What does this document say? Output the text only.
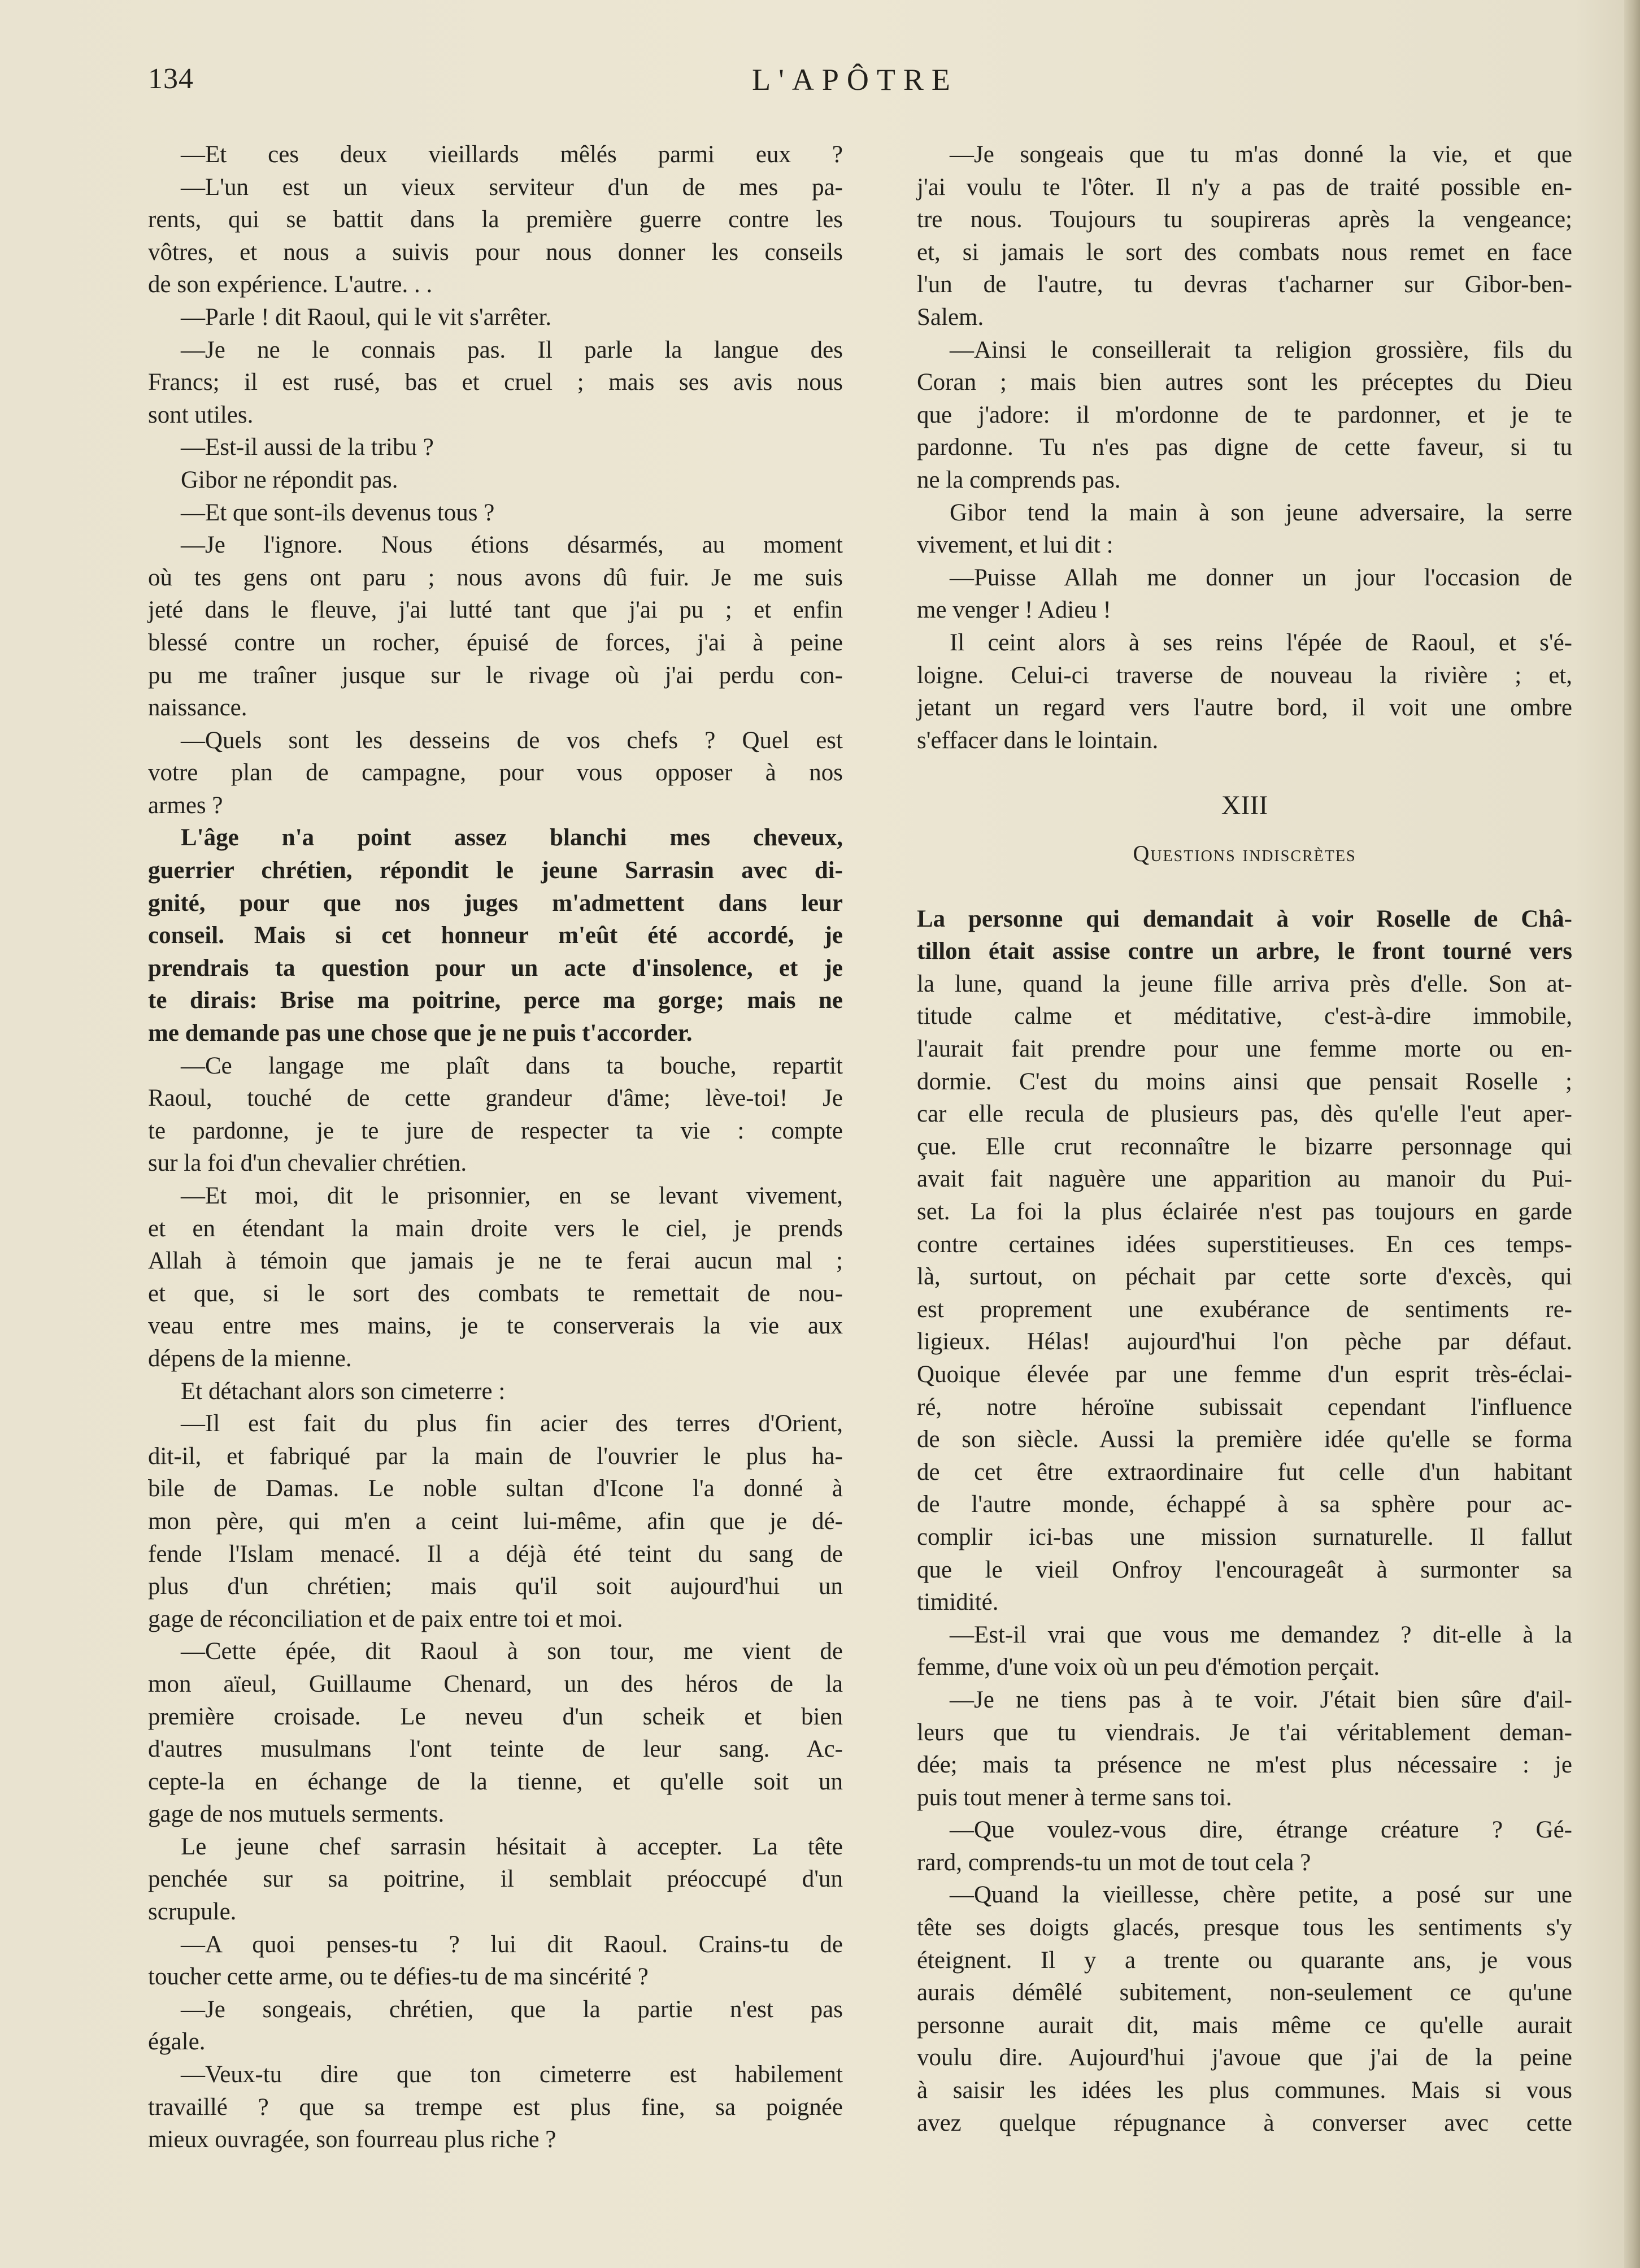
134	L'APÔTRE
—Et ces deux vieillards mêlés parmi eux ?
—L'un est un vieux serviteur d'un de mes pa-
rents, qui se battit dans la première guerre contre les
vôtres, et nous a suivis pour nous donner les conseils
de son expérience. L'autre. . .
—Parle ! dit Raoul, qui le vit s'arrêter.
—Je ne le connais pas. Il parle la langue des
Francs; il est rusé, bas et cruel ; mais ses avis nous
sont utiles.
—Est-il aussi de la tribu ?
Gibor ne répondit pas.
—Et que sont-ils devenus tous ?
—Je l'ignore. Nous étions désarmés, au moment
où tes gens ont paru ; nous avons dû fuir. Je me suis
jeté dans le fleuve, j'ai lutté tant que j'ai pu ; et enfin
blessé contre un rocher, épuisé de forces, j'ai à peine
pu me traîner jusque sur le rivage où j'ai perdu con-
naissance.
—Quels sont les desseins de vos chefs ? Quel est
votre plan de campagne, pour vous opposer à nos
armes ?
L'âge n'a point assez blanchi mes cheveux,
guerrier chrétien, répondit le jeune Sarrasin avec di-
gnité, pour que nos juges m'admettent dans leur
conseil. Mais si cet honneur m'eût été accordé, je
prendrais ta question pour un acte d'insolence, et je
te dirais: Brise ma poitrine, perce ma gorge; mais ne
me demande pas une chose que je ne puis t'accorder.
—Ce langage me plaît dans ta bouche, repartit
Raoul, touché de cette grandeur d'âme; lève-toi! Je
te pardonne, je te jure de respecter ta vie : compte
sur la foi d'un chevalier chrétien.
—Et moi, dit le prisonnier, en se levant vivement,
et en étendant la main droite vers le ciel, je prends
Allah à témoin que jamais je ne te ferai aucun mal ;
et que, si le sort des combats te remettait de nou-
veau entre mes mains, je te conserverais la vie aux
dépens de la mienne.
Et détachant alors son cimeterre :
—Il est fait du plus fin acier des terres d'Orient,
dit-il, et fabriqué par la main de l'ouvrier le plus ha-
bile de Damas. Le noble sultan d'Icone l'a donné à
mon père, qui m'en a ceint lui-même, afin que je dé-
fende l'Islam menacé. Il a déjà été teint du sang de
plus d'un chrétien; mais qu'il soit aujourd'hui un
gage de réconciliation et de paix entre toi et moi.
—Cette épée, dit Raoul à son tour, me vient de
mon aïeul, Guillaume Chenard, un des héros de la
première croisade. Le neveu d'un scheik et bien
d'autres musulmans l'ont teinte de leur sang. Ac-
cepte-la en échange de la tienne, et qu'elle soit un
gage de nos mutuels serments.
Le jeune chef sarrasin hésitait à accepter. La tête
penchée sur sa poitrine, il semblait préoccupé d'un
scrupule.
—A quoi penses-tu ? lui dit Raoul. Crains-tu de
toucher cette arme, ou te défies-tu de ma sincérité ?
—Je songeais, chrétien, que la partie n'est pas
égale.
—Veux-tu dire que ton cimeterre est habilement
travaillé ? que sa trempe est plus fine, sa poignée
mieux ouvragée, son fourreau plus riche ?
—Je songeais que tu m'as donné la vie, et que
j'ai voulu te l'ôter. Il n'y a pas de traité possible en-
tre nous. Toujours tu soupireras après la vengeance;
et, si jamais le sort des combats nous remet en face
l'un de l'autre, tu devras t'acharner sur Gibor-ben-
Salem.
—Ainsi le conseillerait ta religion grossière, fils du
Coran ; mais bien autres sont les préceptes du Dieu
que j'adore: il m'ordonne de te pardonner, et je te
pardonne. Tu n'es pas digne de cette faveur, si tu
ne la comprends pas.
Gibor tend la main à son jeune adversaire, la serre
vivement, et lui dit :
—Puisse Allah me donner un jour l'occasion de
me venger ! Adieu !
Il ceint alors à ses reins l'épée de Raoul, et s'é-
loigne. Celui-ci traverse de nouveau la rivière ; et,
jetant un regard vers l'autre bord, il voit une ombre
s'effacer dans le lointain.
XIII
Questions indiscrètes
La personne qui demandait à voir Roselle de Châ-
tillon était assise contre un arbre, le front tourné vers
la lune, quand la jeune fille arriva près d'elle. Son at-
titude calme et méditative, c'est-à-dire immobile,
l'aurait fait prendre pour une femme morte ou en-
dormie. C'est du moins ainsi que pensait Roselle ;
car elle recula de plusieurs pas, dès qu'elle l'eut aper-
çue. Elle crut reconnaître le bizarre personnage qui
avait fait naguère une apparition au manoir du Pui-
set. La foi la plus éclairée n'est pas toujours en garde
contre certaines idées superstitieuses. En ces temps-
là, surtout, on péchait par cette sorte d'excès, qui
est proprement une exubérance de sentiments re-
ligieux. Hélas! aujourd'hui l'on pèche par défaut.
Quoique élevée par une femme d'un esprit très-éclai-
ré, notre héroïne subissait cependant l'influence
de son siècle. Aussi la première idée qu'elle se forma
de cet être extraordinaire fut celle d'un habitant
de l'autre monde, échappé à sa sphère pour ac-
complir ici-bas une mission surnaturelle. Il fallut
que le vieil Onfroy l'encourageât à surmonter sa
timidité.
—Est-il vrai que vous me demandez ? dit-elle à la
femme, d'une voix où un peu d'émotion perçait.
—Je ne tiens pas à te voir. J'était bien sûre d'ail-
leurs que tu viendrais. Je t'ai véritablement deman-
dée; mais ta présence ne m'est plus nécessaire : je
puis tout mener à terme sans toi.
—Que voulez-vous dire, étrange créature ? Gé-
rard, comprends-tu un mot de tout cela ?
—Quand la vieillesse, chère petite, a posé sur une
tête ses doigts glacés, presque tous les sentiments s'y
éteignent. Il y a trente ou quarante ans, je vous
aurais démêlé subitement, non-seulement ce qu'une
personne aurait dit, mais même ce qu'elle aurait
voulu dire. Aujourd'hui j'avoue que j'ai de la peine
à saisir les idées les plus communes. Mais si vous
avez quelque répugnance à converser avec cette
